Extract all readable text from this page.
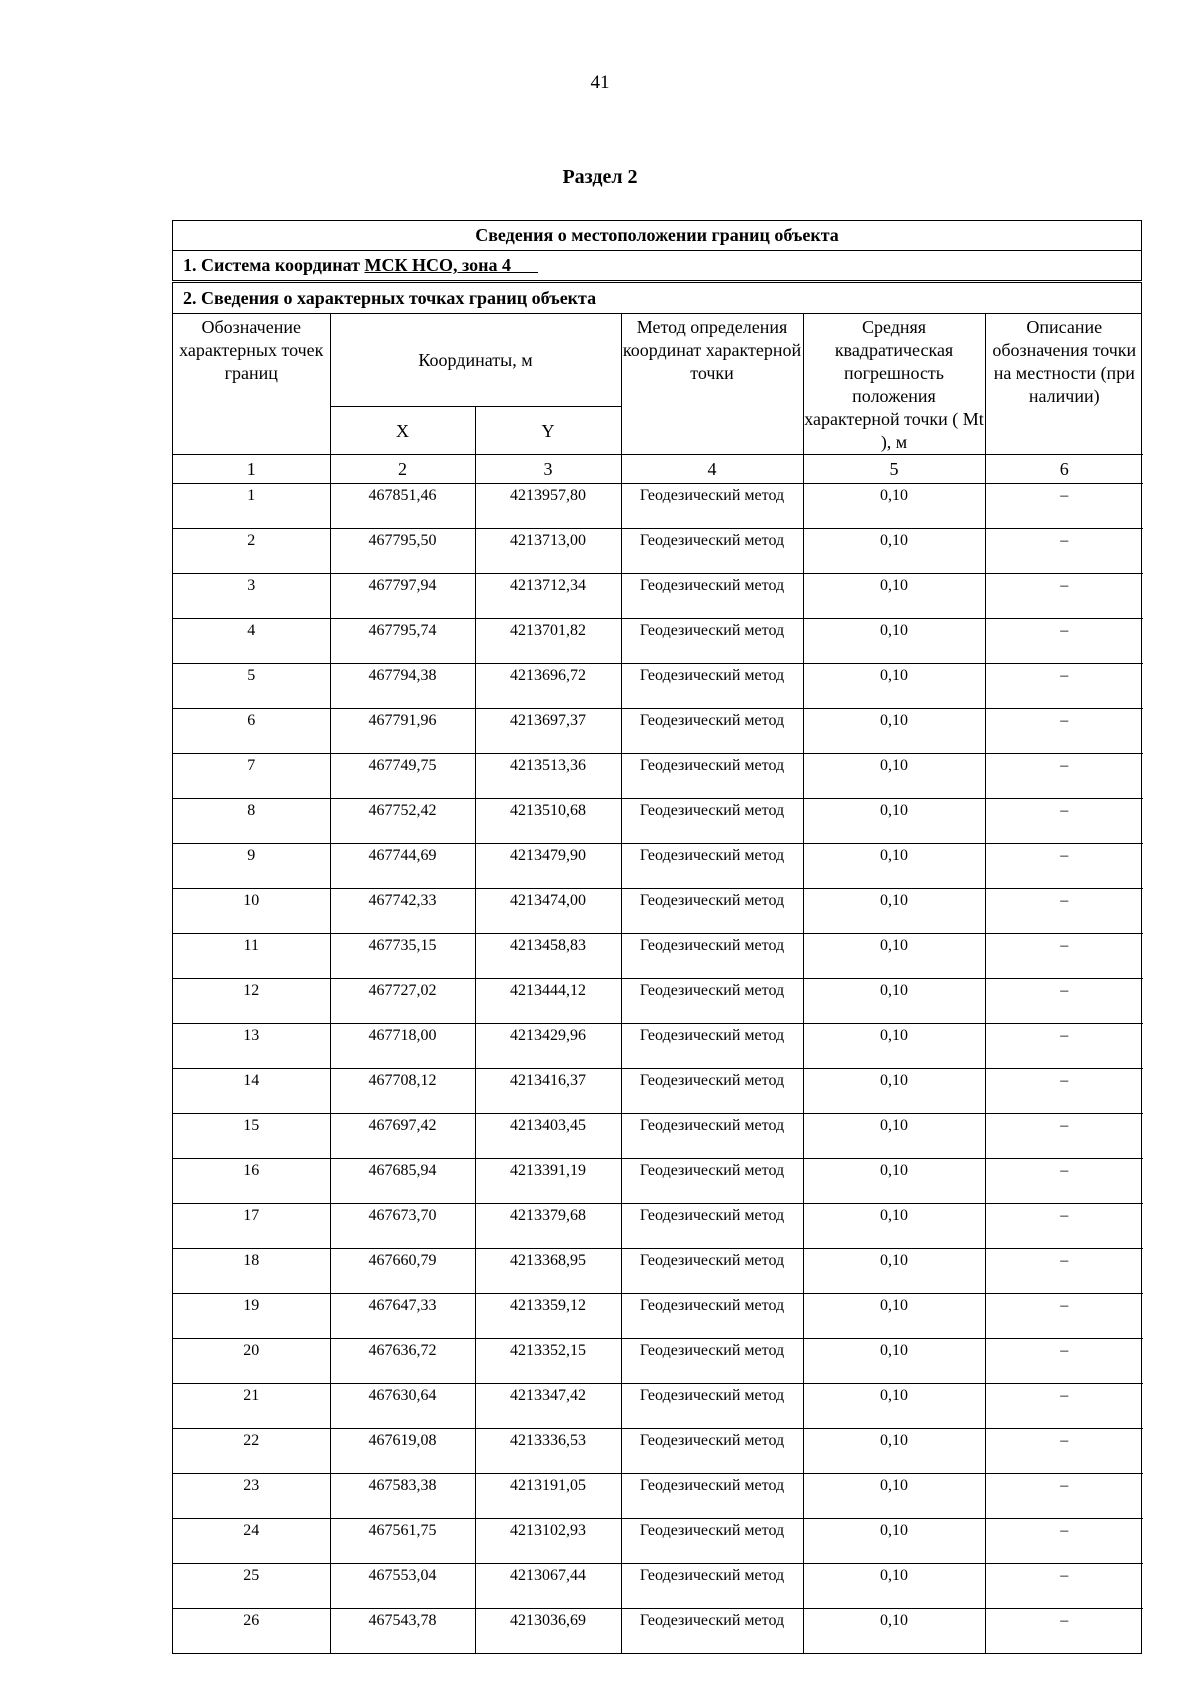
41
Раздел 2
Сведения о местоположении границ объекта
1. Система координат МСК НСО, зона 4
2. Сведения о характерных точках границ объекта
Обозначение характерных точек границ	Координаты, м		Метод определения координат характерной точки	Средняя квадратическая погрешность положения характерной точки ( Mt ), м	Описание обозначения точки на местности (при наличии)
	X	Y			
1	2	3	4	5	6
1	467851,46	4213957,80	Геодезический метод	0,10	–
2	467795,50	4213713,00	Геодезический метод	0,10	–
3	467797,94	4213712,34	Геодезический метод	0,10	–
4	467795,74	4213701,82	Геодезический метод	0,10	–
5	467794,38	4213696,72	Геодезический метод	0,10	–
6	467791,96	4213697,37	Геодезический метод	0,10	–
7	467749,75	4213513,36	Геодезический метод	0,10	–
8	467752,42	4213510,68	Геодезический метод	0,10	–
9	467744,69	4213479,90	Геодезический метод	0,10	–
10	467742,33	4213474,00	Геодезический метод	0,10	–
11	467735,15	4213458,83	Геодезический метод	0,10	–
12	467727,02	4213444,12	Геодезический метод	0,10	–
13	467718,00	4213429,96	Геодезический метод	0,10	–
14	467708,12	4213416,37	Геодезический метод	0,10	–
15	467697,42	4213403,45	Геодезический метод	0,10	–
16	467685,94	4213391,19	Геодезический метод	0,10	–
17	467673,70	4213379,68	Геодезический метод	0,10	–
18	467660,79	4213368,95	Геодезический метод	0,10	–
19	467647,33	4213359,12	Геодезический метод	0,10	–
20	467636,72	4213352,15	Геодезический метод	0,10	–
21	467630,64	4213347,42	Геодезический метод	0,10	–
22	467619,08	4213336,53	Геодезический метод	0,10	–
23	467583,38	4213191,05	Геодезический метод	0,10	–
24	467561,75	4213102,93	Геодезический метод	0,10	–
25	467553,04	4213067,44	Геодезический метод	0,10	–
26	467543,78	4213036,69	Геодезический метод	0,10	–
